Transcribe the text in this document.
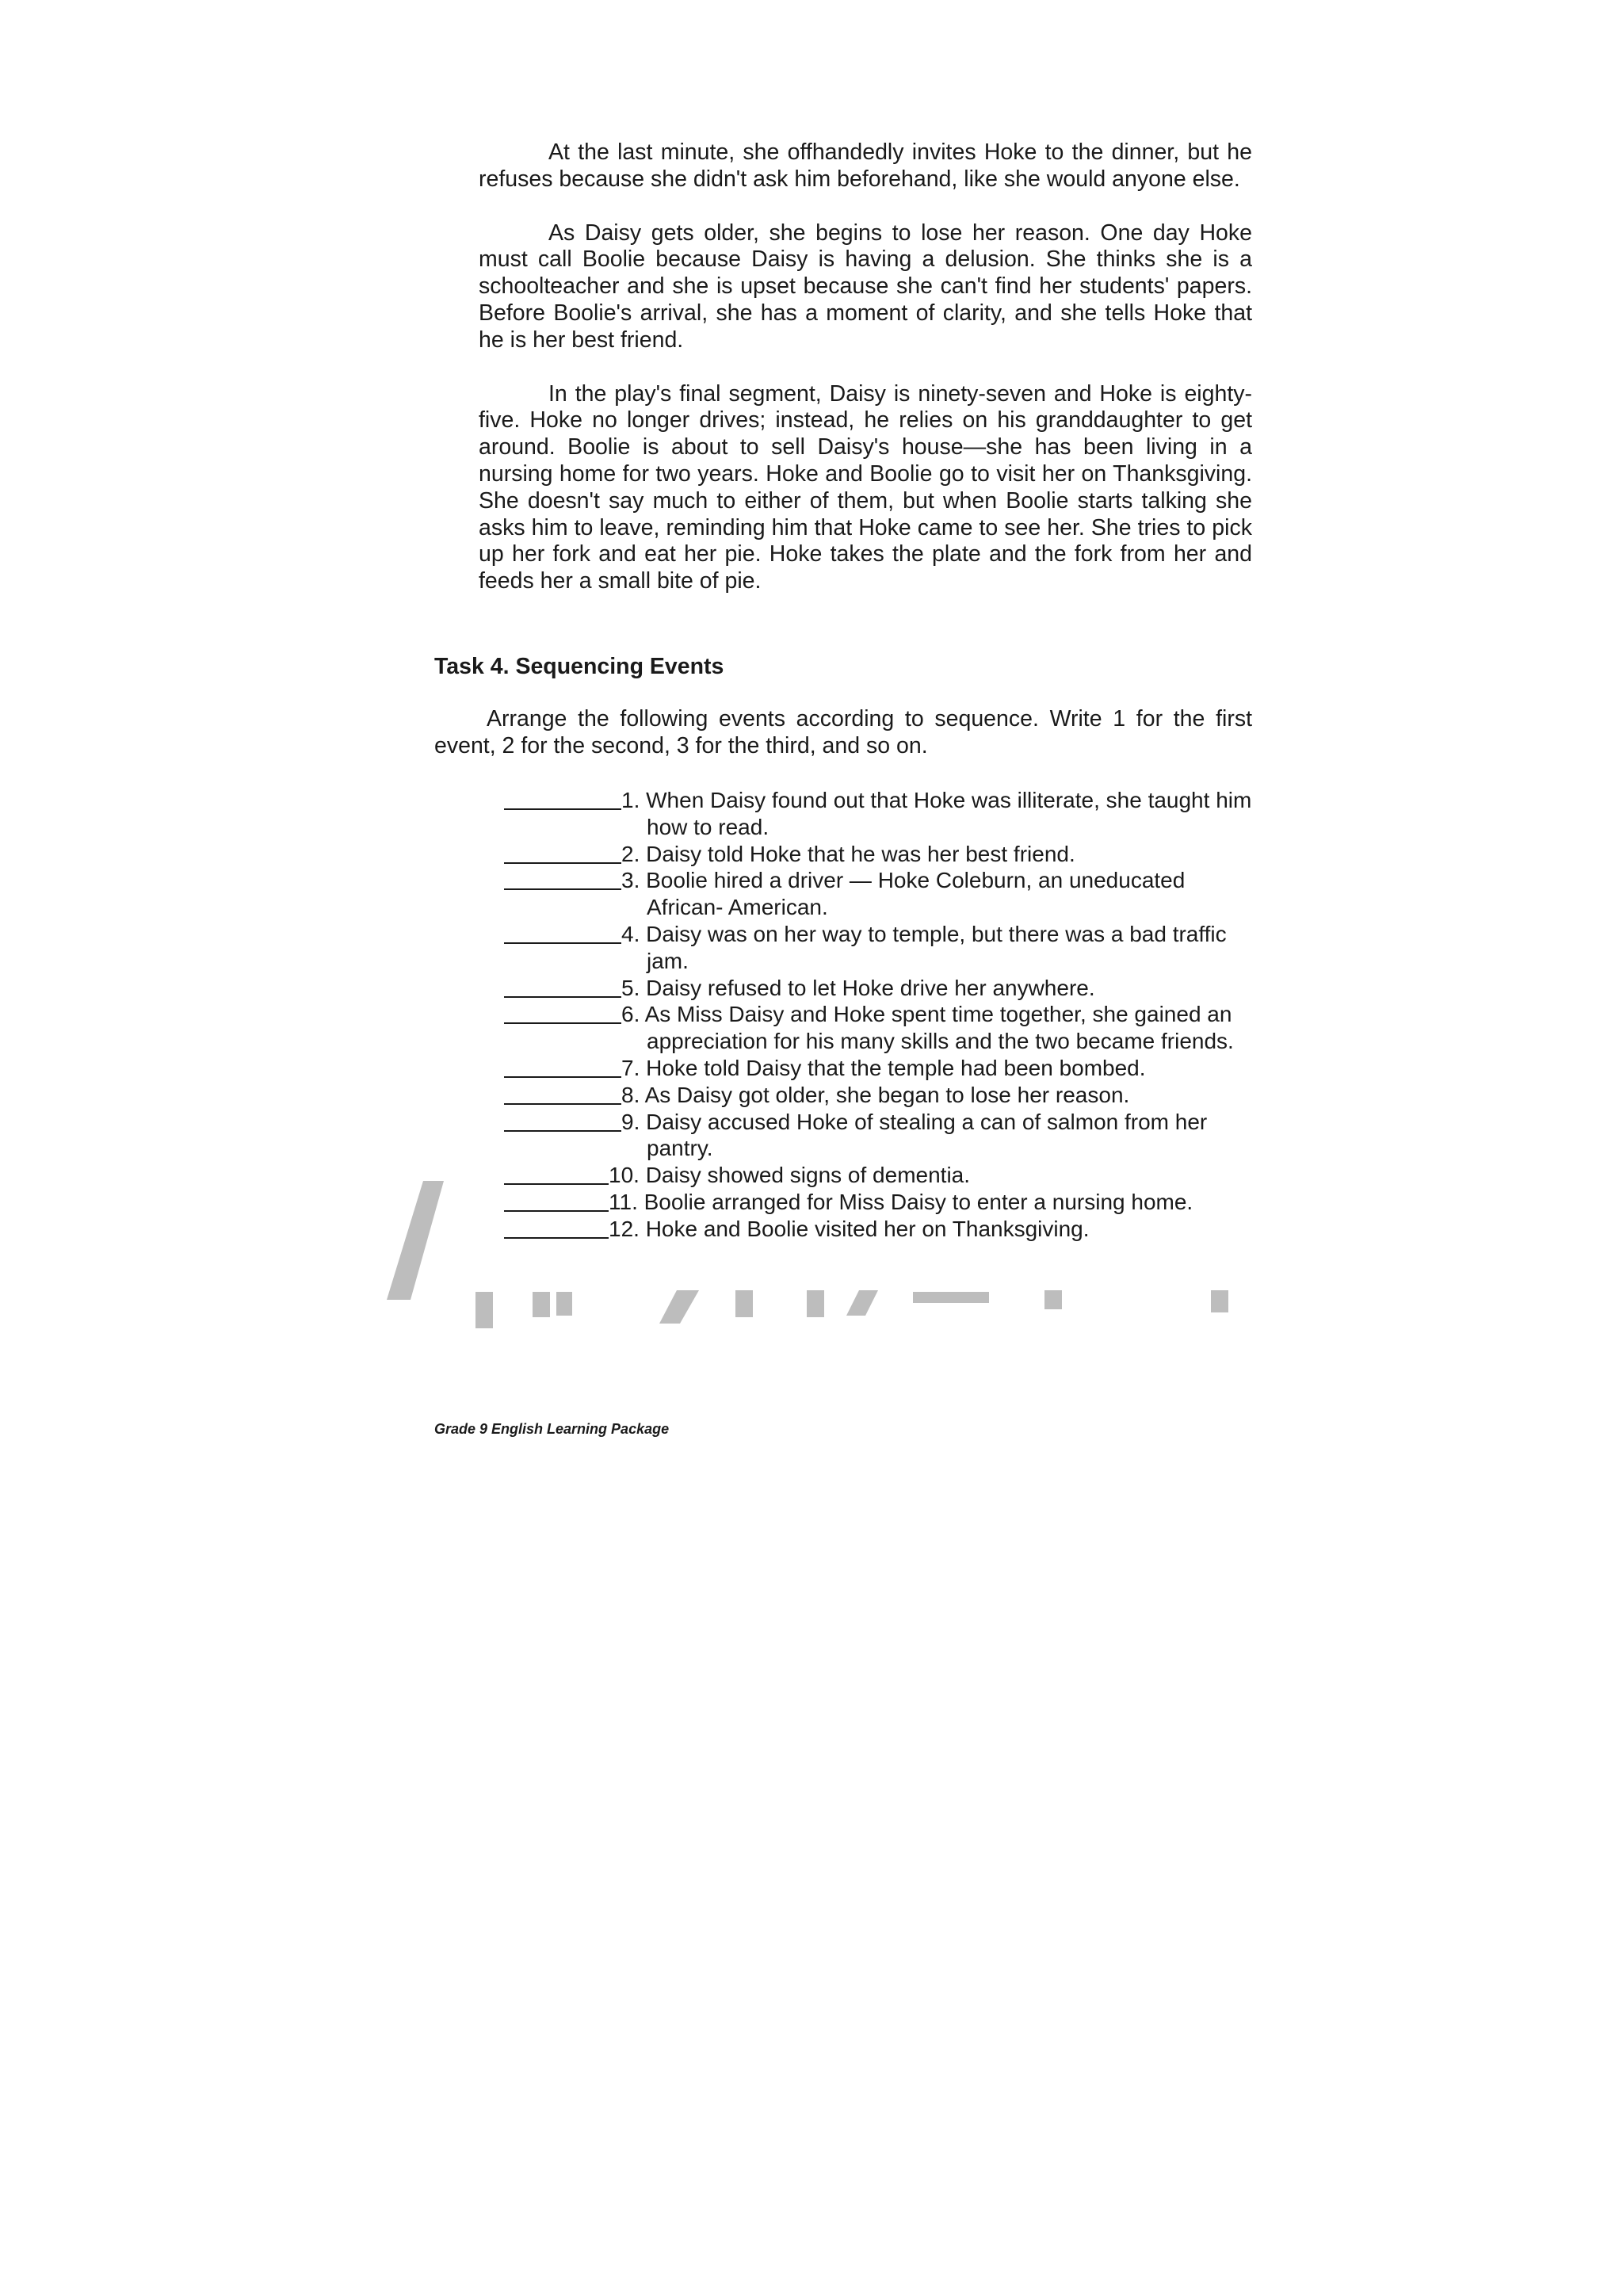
At the last minute, she offhandedly invites Hoke to the dinner, but he refuses because she didn't ask him beforehand, like she would anyone else.

As Daisy gets older, she begins to lose her reason. One day Hoke must call Boolie because Daisy is having a delusion. She thinks she is a schoolteacher and she is upset because she can't find her students' papers. Before Boolie's arrival, she has a moment of clarity, and she tells Hoke that he is her best friend.

In the play's final segment, Daisy is ninety-seven and Hoke is eighty-five. Hoke no longer drives; instead, he relies on his granddaughter to get around. Boolie is about to sell Daisy's house—she has been living in a nursing home for two years. Hoke and Boolie go to visit her on Thanksgiving. She doesn't say much to either of them, but when Boolie starts talking she asks him to leave, reminding him that Hoke came to see her. She tries to pick up her fork and eat her pie. Hoke takes the plate and the fork from her and feeds her a small bite of pie.

Task 4. Sequencing Events

Arrange the following events according to sequence. Write 1 for the first event, 2 for the second, 3 for the third, and so on.

1. When Daisy found out that Hoke was illiterate, she taught him how to read.
2. Daisy told Hoke that he was her best friend.
3. Boolie hired a driver — Hoke Coleburn, an uneducated African- American.
4. Daisy was on her way to temple, but there was a bad traffic jam.
5. Daisy refused to let Hoke drive her anywhere.
6. As Miss Daisy and Hoke spent time together, she gained an appreciation for his many skills and the two became friends.
7. Hoke told Daisy that the temple had been bombed.
8. As Daisy got older, she began to lose her reason.
9. Daisy accused Hoke of stealing a can of salmon from her pantry.
10. Daisy showed signs of dementia.
11. Boolie arranged for Miss Daisy to enter a nursing home.
12. Hoke and Boolie visited her on Thanksgiving.

Grade 9 English Learning Package
